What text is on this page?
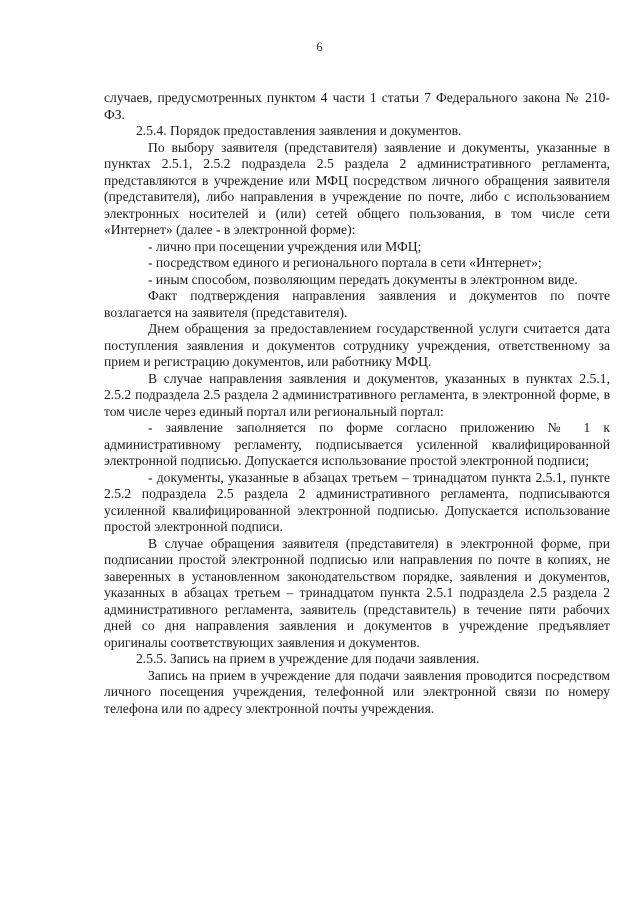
6

случаев, предусмотренных пунктом 4 части 1 статьи 7 Федерального закона № 210-ФЗ.

2.5.4. Порядок предоставления заявления и документов.

По выбору заявителя (представителя) заявление и документы, указанные в пунктах 2.5.1, 2.5.2 подраздела 2.5 раздела 2 административного регламента, представляются в учреждение или МФЦ посредством личного обращения заявителя (представителя), либо направления в учреждение по почте, либо с использованием электронных носителей и (или) сетей общего пользования, в том числе сети «Интернет» (далее - в электронной форме):

- лично при посещении учреждения или МФЦ;

- посредством единого и регионального портала в сети «Интернет»;

- иным способом, позволяющим передать документы в электронном виде.

Факт подтверждения направления заявления и документов по почте возлагается на заявителя (представителя).

Днем обращения за предоставлением государственной услуги считается дата поступления заявления и документов сотруднику учреждения, ответственному за прием и регистрацию документов, или работнику МФЦ.

В случае направления заявления и документов, указанных в пунктах 2.5.1, 2.5.2 подраздела 2.5 раздела 2 административного регламента, в электронной форме, в том числе через единый портал или региональный портал:

- заявление заполняется по форме согласно приложению № 1 к административному регламенту, подписывается усиленной квалифицированной электронной подписью. Допускается использование простой электронной подписи;

- документы, указанные в абзацах третьем – тринадцатом пункта 2.5.1, пункте 2.5.2 подраздела 2.5 раздела 2 административного регламента, подписываются усиленной квалифицированной электронной подписью. Допускается использование простой электронной подписи.

В случае обращения заявителя (представителя) в электронной форме, при подписании простой электронной подписью или направления по почте в копиях, не заверенных в установленном законодательством порядке, заявления и документов, указанных в абзацах третьем – тринадцатом пункта 2.5.1 подраздела 2.5 раздела 2 административного регламента, заявитель (представитель) в течение пяти рабочих дней со дня направления заявления и документов в учреждение предъявляет оригиналы соответствующих заявления и документов.

2.5.5. Запись на прием в учреждение для подачи заявления.

Запись на прием в учреждение для подачи заявления проводится посредством личного посещения учреждения, телефонной или электронной связи по номеру телефона или по адресу электронной почты учреждения.
